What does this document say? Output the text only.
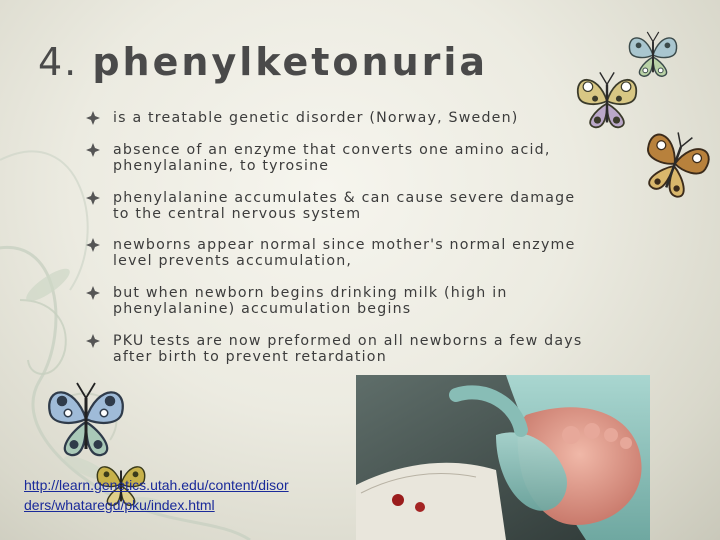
4. phenylketonuria
is a treatable genetic disorder (Norway, Sweden)
absence of an enzyme that converts one amino acid,
phenylalanine, to tyrosine
phenylalanine accumulates & can cause severe damage
to the central nervous system
newborns appear normal since mother's normal enzyme
level prevents accumulation,
but when newborn begins drinking milk (high in
phenylalanine) accumulation begins
PKU tests are now preformed on all newborns a few days
after birth to prevent retardation
http://learn.genetics.utah.edu/content/disor
ders/whataregd/pku/index.html
